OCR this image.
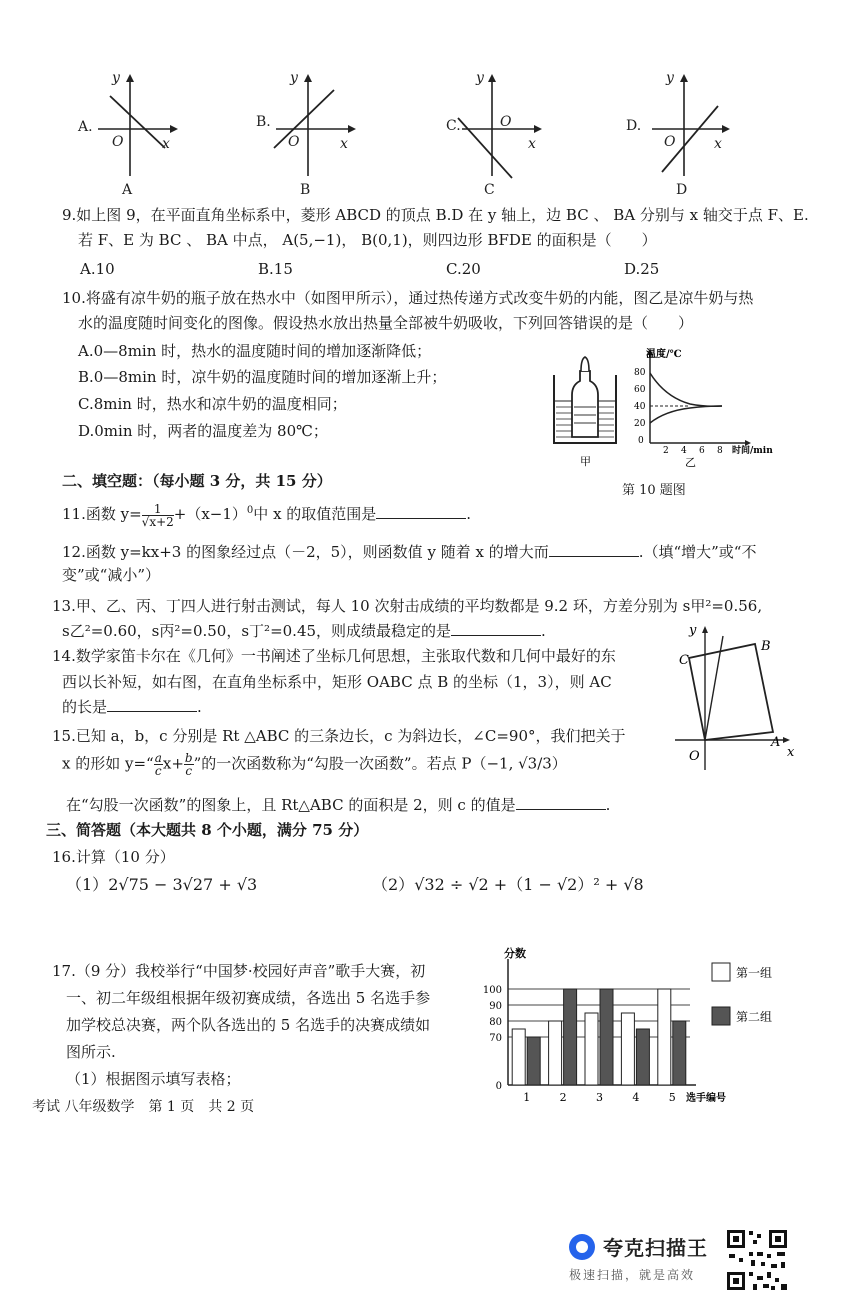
A.
y
O	x
A
B.
y
O	x
B
C.
y
O
x
C
D.
y
O	x
D
9.如上图 9，在平面直角坐标系中，菱形 ABCD 的顶点 B.D 在 y 轴上，边 BC 、 BA 分别与 x 轴交于点 F、E.
若 F、E 为 BC 、 BA 中点， A(5,−1)， B(0,1)，则四边形 BFDE 的面积是（　　）
A.10	B.15	C.20	D.25
10.将盛有凉牛奶的瓶子放在热水中（如图甲所示），通过热传递方式改变牛奶的内能，图乙是凉牛奶与热
水的温度随时间变化的图像。假设热水放出热量全部被牛奶吸收，下列回答错误的是（　　）
A.0—8min 时，热水的温度随时间的增加逐渐降低；
B.0—8min 时，凉牛奶的温度随时间的增加逐渐上升；
C.8min 时，热水和凉牛奶的温度相同；
D.0min 时，两者的温度差为 80℃；
甲
温度/℃
80
60
40
20
0
2 4 6 8 时间/min
乙
第 10 题图
二、填空题：（每小题 3 分，共 15 分）
11.函数 $y= \frac{1}{√x+2} +(x-1)^0$中 x 的取值范围是	.
12.函数 y=kx+3 的图象经过点（－2，5），则函数值 y 随着 x 的增大而	.（填“增大”或“不
变”或“减小”）
13.甲、乙、丙、丁四人进行射击测试，每人 10 次射击成绩的平均数都是 9.2 环，方差分别为 s甲²=0.56,
s乙²=0.60，s丙²=0.50，s丁²=0.45，则成绩最稳定的是	.
14.数学家笛卡尔在《几何》一书阐述了坐标几何思想，主张取代数和几何中最好的东
西以长补短，如右图，在直角坐标系中，矩形 OABC 点 B 的坐标（1，3），则 AC
的长是	.
y
B
C
A
O	x
15.已知 a，b，c 分别是 Rt △ABC 的三条边长，c 为斜边长，∠C=90°，我们把关于
x 的形如 y=“ $\frac{a}{c} x+ \frac{b}{c}$ ”的一次函数称为“勾股一次函数”。若点 P（−1, √3/3）
在“勾股一次函数”的图象上，且 Rt△ABC 的面积是 2，则 c 的值是	.
三、简答题（本大题共 8 个小题，满分 75 分）
16.计算（10 分）
（1）2√75 − 3√27 + √3	（2）√32 ÷ √2 +（1 − √2）² + √8
17.（9 分）我校举行“中国梦·校园好声音”歌手大赛，初
一、初二年级组根据年级初赛成绩，各选出 5 名选手参
加学校总决赛，两个队各选出的 5 名选手的决赛成绩如
图所示.
（1）根据图示填写表格；	0
70
80
90
100
分数
选手编号
1	2	3	4	5
第一组
第二组
考试 八年级数学　第 1 页　共 2 页
夸克扫描王
极速扫描，就是高效
